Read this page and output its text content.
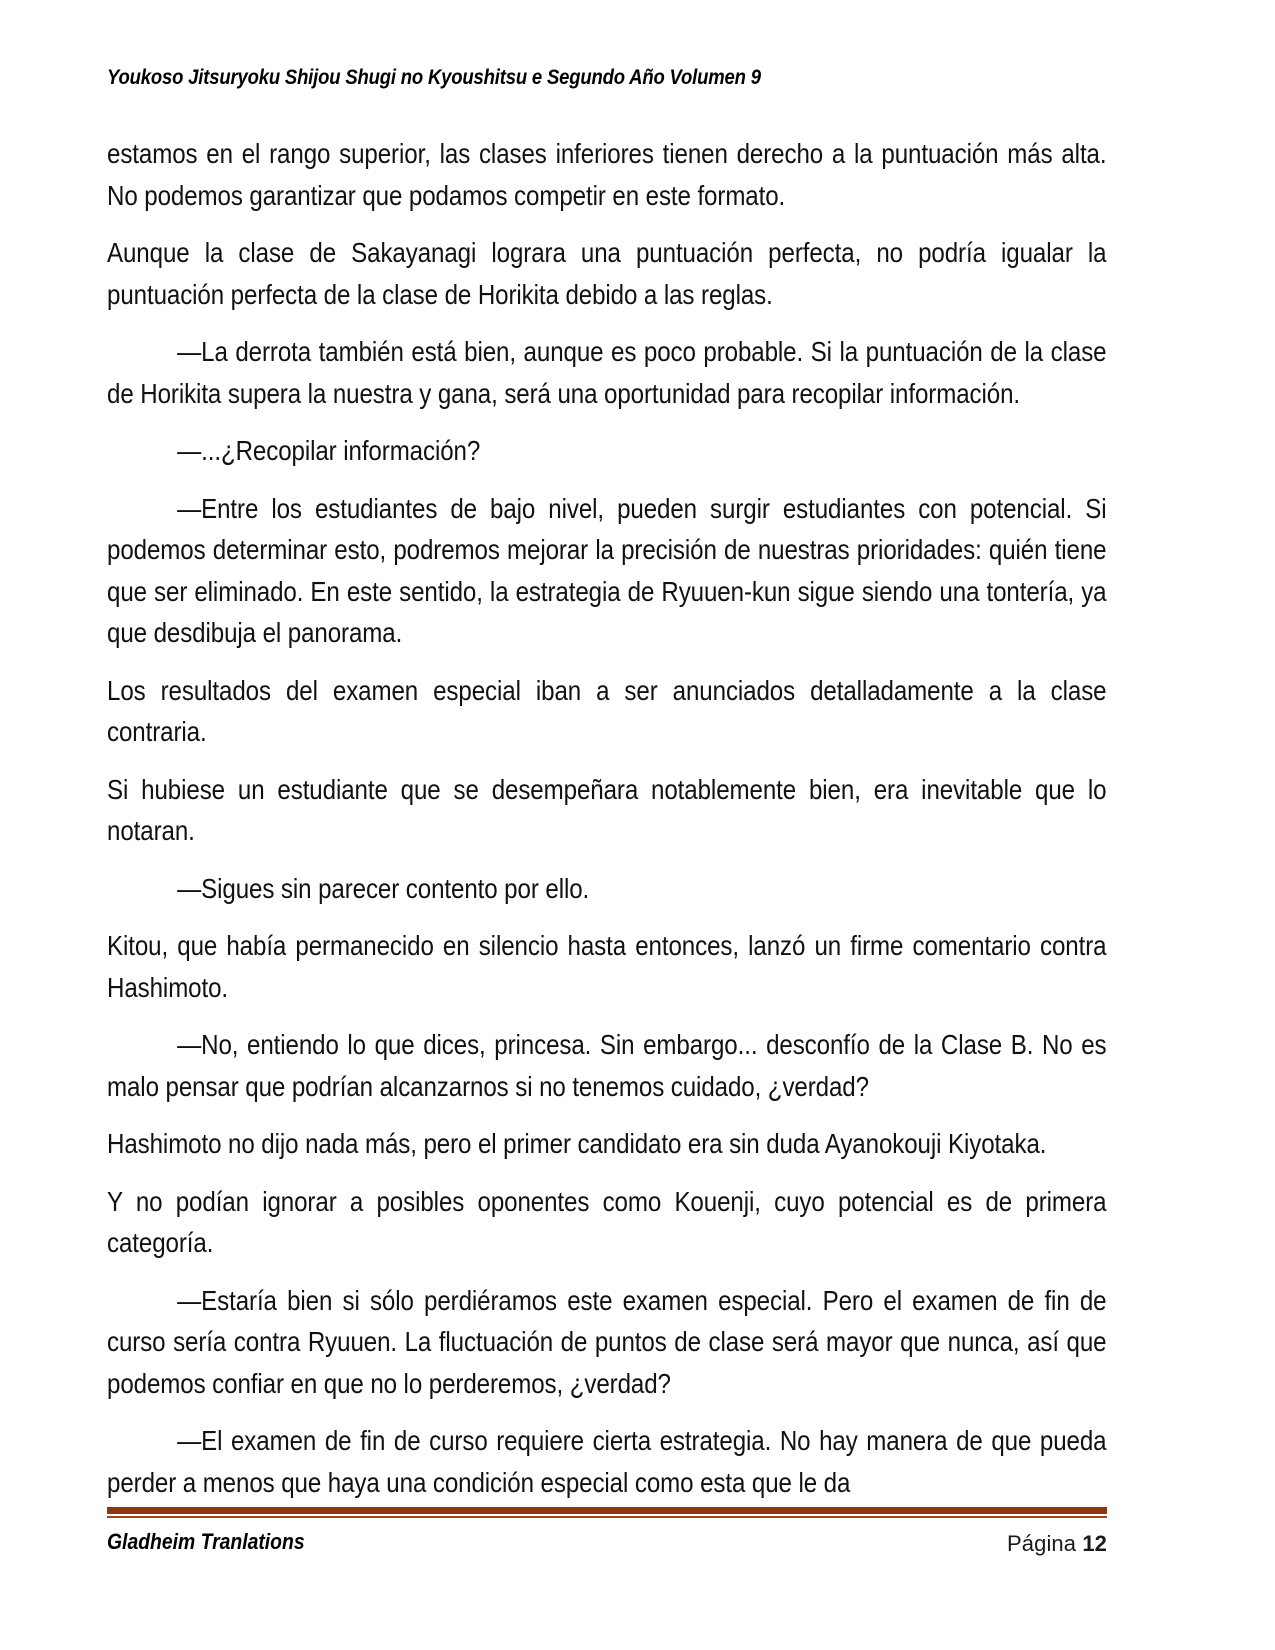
Youkoso Jitsuryoku Shijou Shugi no Kyoushitsu e Segundo Año Volumen 9

estamos en el rango superior, las clases inferiores tienen derecho a la puntuación más alta. No podemos garantizar que podamos competir en este formato.

Aunque la clase de Sakayanagi lograra una puntuación perfecta, no podría igualar la puntuación perfecta de la clase de Horikita debido a las reglas.

—La derrota también está bien, aunque es poco probable. Si la puntuación de la clase de Horikita supera la nuestra y gana, será una oportunidad para recopilar información.

—...¿Recopilar información?

—Entre los estudiantes de bajo nivel, pueden surgir estudiantes con potencial. Si podemos determinar esto, podremos mejorar la precisión de nuestras prioridades: quién tiene que ser eliminado. En este sentido, la estrategia de Ryuuen-kun sigue siendo una tontería, ya que desdibuja el panorama.

Los resultados del examen especial iban a ser anunciados detalladamente a la clase contraria.

Si hubiese un estudiante que se desempeñara notablemente bien, era inevitable que lo notaran.

—Sigues sin parecer contento por ello.

Kitou, que había permanecido en silencio hasta entonces, lanzó un firme comentario contra Hashimoto.

—No, entiendo lo que dices, princesa. Sin embargo... desconfío de la Clase B. No es malo pensar que podrían alcanzarnos si no tenemos cuidado, ¿verdad?

Hashimoto no dijo nada más, pero el primer candidato era sin duda Ayanokouji Kiyotaka.

Y no podían ignorar a posibles oponentes como Kouenji, cuyo potencial es de primera categoría.

—Estaría bien si sólo perdiéramos este examen especial. Pero el examen de fin de curso sería contra Ryuuen. La fluctuación de puntos de clase será mayor que nunca, así que podemos confiar en que no lo perderemos, ¿verdad?

—El examen de fin de curso requiere cierta estrategia. No hay manera de que pueda perder a menos que haya una condición especial como esta que le da

Gladheim Tranlations	Página 12
